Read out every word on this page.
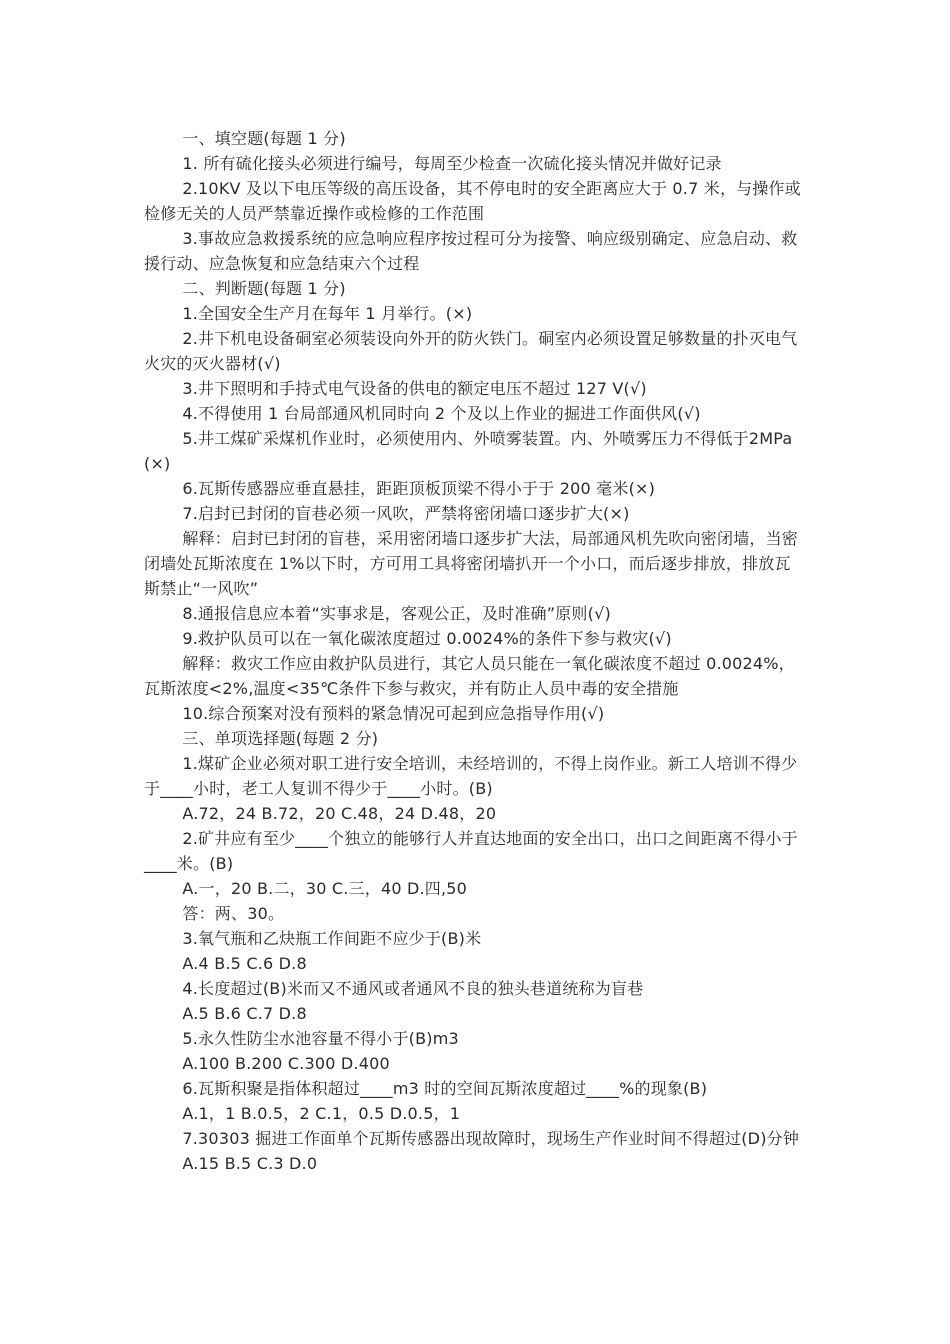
一、填空题(每题 1 分)

1. 所有硫化接头必须进行编号，每周至少检查一次硫化接头情况并做好记录

2.10KV 及以下电压等级的高压设备，其不停电时的安全距离应大于 0.7 米，与操作或检修无关的人员严禁靠近操作或检修的工作范围

3.事故应急救援系统的应急响应程序按过程可分为接警、响应级别确定、应急启动、救援行动、应急恢复和应急结束六个过程

二、判断题(每题 1 分)

1.全国安全生产月在每年 1 月举行。(×)

2.井下机电设备硐室必须装设向外开的防火铁门。硐室内必须设置足够数量的扑灭电气火灾的灭火器材(√)

3.井下照明和手持式电气设备的供电的额定电压不超过 127 V(√)

4.不得使用 1 台局部通风机同时向 2 个及以上作业的掘进工作面供风(√)

5.井工煤矿采煤机作业时，必须使用内、外喷雾装置。内、外喷雾压力不得低于2MPa(×)

6.瓦斯传感器应垂直悬挂，距距顶板顶梁不得小于于 200 毫米(×)

7.启封已封闭的盲巷必须一风吹，严禁将密闭墙口逐步扩大(×)

解释：启封已封闭的盲巷，采用密闭墙口逐步扩大法，局部通风机先吹向密闭墙，当密闭墙处瓦斯浓度在 1%以下时，方可用工具将密闭墙扒开一个小口，而后逐步排放，排放瓦斯禁止“一风吹”

8.通报信息应本着“实事求是，客观公正，及时准确”原则(√)

9.救护队员可以在一氧化碳浓度超过 0.0024%的条件下参与救灾(√)

解释：救灾工作应由救护队员进行，其它人员只能在一氧化碳浓度不超过 0.0024%，瓦斯浓度<2%,温度<35℃条件下参与救灾，并有防止人员中毒的安全措施

10.综合预案对没有预料的紧急情况可起到应急指导作用(√)

三、单项选择题(每题 2 分)

1.煤矿企业必须对职工进行安全培训，未经培训的，不得上岗作业。新工人培训不得少于____小时，老工人复训不得少于____小时。(B)

A.72，24 B.72，20 C.48，24 D.48，20

2.矿井应有至少____个独立的能够行人并直达地面的安全出口，出口之间距离不得小于____米。(B)

A.一，20 B.二，30 C.三，40 D.四,50

答：两、30。

3.氧气瓶和乙炔瓶工作间距不应少于(B)米

A.4 B.5 C.6 D.8

4.长度超过(B)米而又不通风或者通风不良的独头巷道统称为盲巷

A.5 B.6 C.7 D.8

5.永久性防尘水池容量不得小于(B)m3

A.100 B.200 C.300 D.400

6.瓦斯积聚是指体积超过____m3 时的空间瓦斯浓度超过____%的现象(B)

A.1，1 B.0.5，2 C.1，0.5 D.0.5，1

7.30303 掘进工作面单个瓦斯传感器出现故障时，现场生产作业时间不得超过(D)分钟

A.15 B.5 C.3 D.0
